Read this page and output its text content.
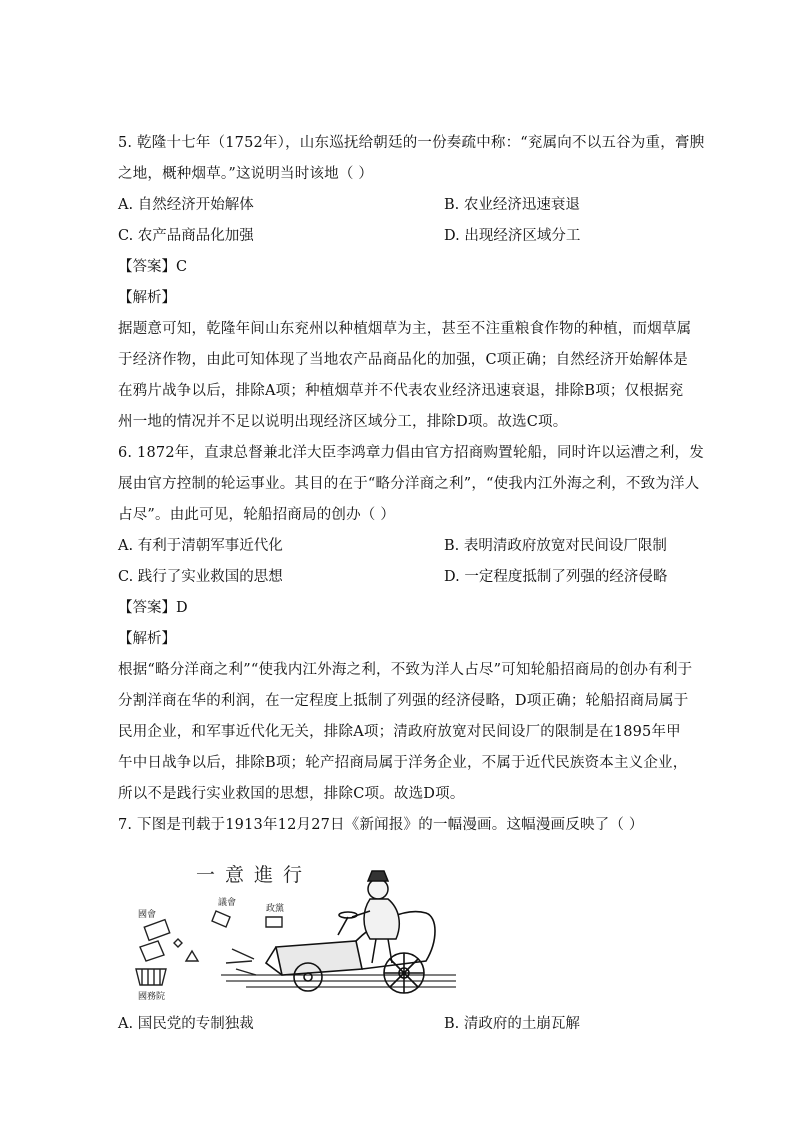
5. 乾隆十七年（1752年），山东巡抚给朝廷的一份奏疏中称：“兖属向不以五谷为重，膏腴
之地，概种烟草。”这说明当时该地（ ）
A. 自然经济开始解体	B. 农业经济迅速衰退
C. 农产品商品化加强	D. 出现经济区域分工
【答案】C
【解析】
据题意可知，乾隆年间山东兖州以种植烟草为主，甚至不注重粮食作物的种植，而烟草属
于经济作物，由此可知体现了当地农产品商品化的加强，C项正确；自然经济开始解体是
在鸦片战争以后，排除A项；种植烟草并不代表农业经济迅速衰退，排除B项；仅根据兖
州一地的情况并不足以说明出现经济区域分工，排除D项。故选C项。
6. 1872年，直隶总督兼北洋大臣李鸿章力倡由官方招商购置轮船，同时许以运漕之利，发
展由官方控制的轮运事业。其目的在于“略分洋商之利”，“使我内江外海之利，不致为洋人
占尽”。由此可见，轮船招商局的创办（ ）
A. 有利于清朝军事近代化	B. 表明清政府放宽对民间设厂限制
C. 践行了实业救国的思想	D. 一定程度抵制了列强的经济侵略
【答案】D
【解析】
根据“略分洋商之利”“使我内江外海之利，不致为洋人占尽”可知轮船招商局的创办有利于
分割洋商在华的利润，在一定程度上抵制了列强的经济侵略，D项正确；轮船招商局属于
民用企业，和军事近代化无关，排除A项；清政府放宽对民间设厂的限制是在1895年甲
午中日战争以后，排除B项；轮产招商局属于洋务企业，不属于近代民族资本主义企业，
所以不是践行实业救国的思想，排除C项。故选D项。
7. 下图是刊载于1913年12月27日《新闻报》的一幅漫画。这幅漫画反映了（ ）
一意進行
國會
議會
國務院
政黨
A. 国民党的专制独裁	B. 清政府的土崩瓦解
